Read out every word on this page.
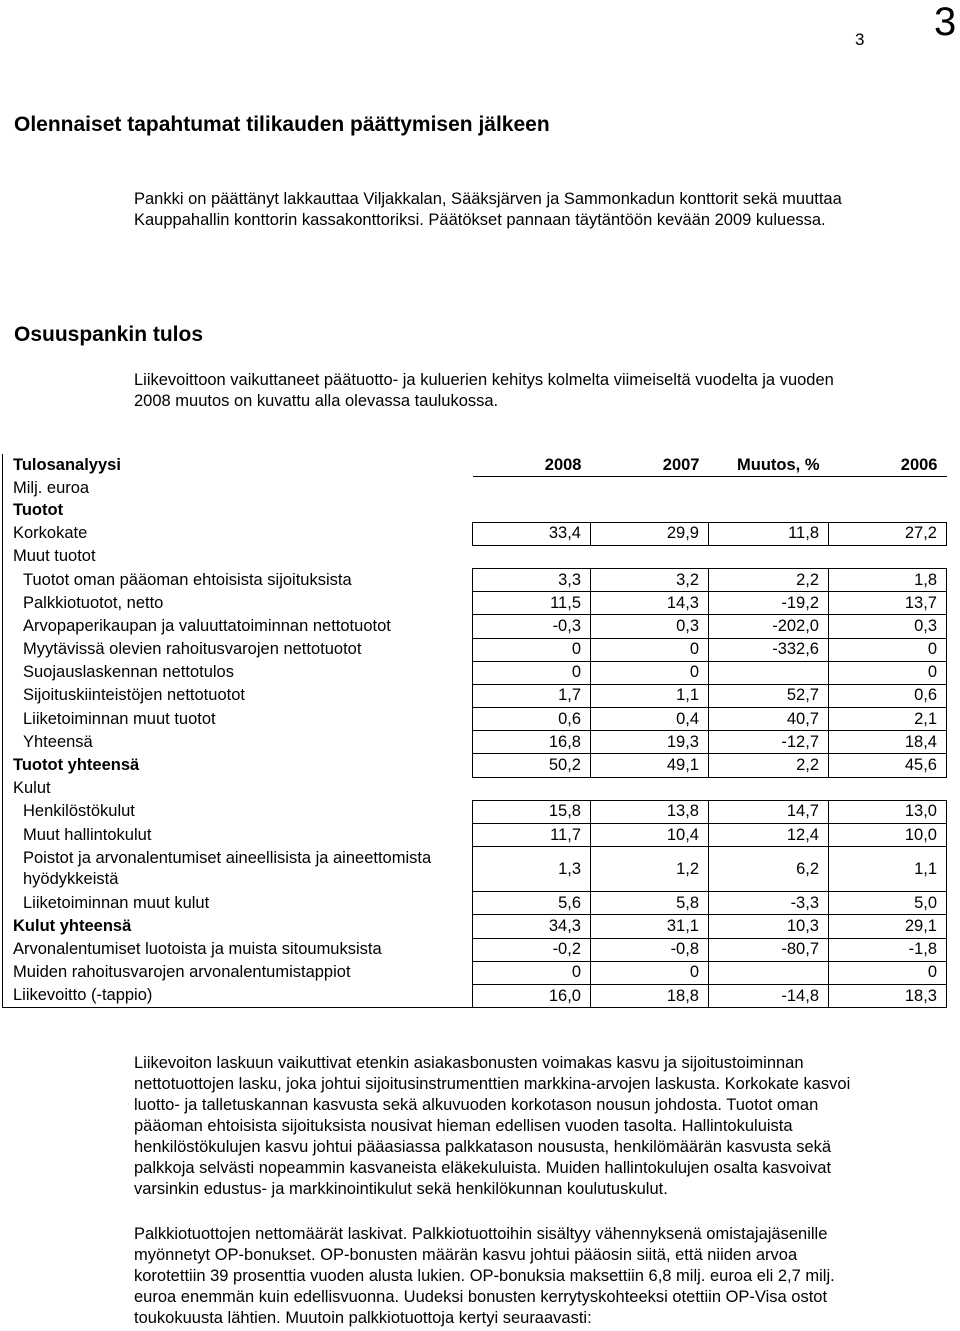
3 3
Olennaiset tapahtumat tilikauden päättymisen jälkeen
Pankki on päättänyt lakkauttaa Viljakkalan, Sääksjärven ja Sammonkadun konttorit sekä muuttaa
Kauppahallin konttorin kassakonttoriksi. Päätökset pannaan täytäntöön kevään 2009 kuluessa.
Osuuspankin tulos
Liikevoittoon vaikuttaneet päätuotto- ja kuluerien kehitys kolmelta viimeiseltä vuodelta ja vuoden
2008 muutos on kuvattu alla olevassa taulukossa.
Tulosanalyysi	2008	2007	Muutos, %	2006
Milj. euroa				
Tuotot				
Korkokate	33,4	29,9	11,8	27,2
Muut tuotot				
Tuotot oman pääoman ehtoisista sijoituksista	3,3	3,2	2,2	1,8
Palkkiotuotot, netto	11,5	14,3	-19,2	13,7
Arvopaperikaupan ja valuuttatoiminnan nettotuotot	-0,3	0,3	-202,0	0,3
Myytävissä olevien rahoitusvarojen nettotuotot	0	0	-332,6	0
Suojauslaskennan nettotulos	0	0		0
Sijoituskiinteistöjen nettotuotot	1,7	1,1	52,7	0,6
Liiketoiminnan muut tuotot	0,6	0,4	40,7	2,1
Yhteensä	16,8	19,3	-12,7	18,4
Tuotot yhteensä	50,2	49,1	2,2	45,6
Kulut				
Henkilöstökulut	15,8	13,8	14,7	13,0
Muut hallintokulut	11,7	10,4	12,4	10,0
Poistot ja arvonalentumiset aineellisista ja aineettomista hyödykkeistä	1,3	1,2	6,2	1,1
Liiketoiminnan muut kulut	5,6	5,8	-3,3	5,0
Kulut yhteensä	34,3	31,1	10,3	29,1
Arvonalentumiset luotoista ja muista sitoumuksista	-0,2	-0,8	-80,7	-1,8
Muiden rahoitusvarojen arvonalentumistappiot	0	0		0
Liikevoitto (-tappio)	16,0	18,8	-14,8	18,3
Liikevoiton laskuun vaikuttivat etenkin asiakasbonusten voimakas kasvu ja sijoitustoiminnan
nettotuottojen lasku, joka johtui sijoitusinstrumenttien markkina-arvojen laskusta. Korkokate kasvoi
luotto- ja talletuskannan kasvusta sekä alkuvuoden korkotason nousun johdosta. Tuotot oman
pääoman ehtoisista sijoituksista nousivat hieman edellisen vuoden tasolta. Hallintokuluista
henkilöstökulujen kasvu johtui pääasiassa palkkatason noususta, henkilömäärän kasvusta sekä
palkkoja selvästi nopeammin kasvaneista eläkekuluista. Muiden hallintokulujen osalta kasvoivat
varsinkin edustus- ja markkinointikulut sekä henkilökunnan koulutuskulut.
Palkkiotuottojen nettomäärät laskivat. Palkkiotuottoihin sisältyy vähennyksenä omistajajäsenille
myönnetyt OP-bonukset. OP-bonusten määrän kasvu johtui pääosin siitä, että niiden arvoa
korotettiin 39 prosenttia vuoden alusta lukien. OP-bonuksia maksettiin 6,8 milj. euroa eli 2,7 milj.
euroa enemmän kuin edellisvuonna. Uudeksi bonusten kerrytyskohteeksi otettiin OP-Visa ostot
toukokuusta lähtien. Muutoin palkkiotuottoja kertyi seuraavasti:
